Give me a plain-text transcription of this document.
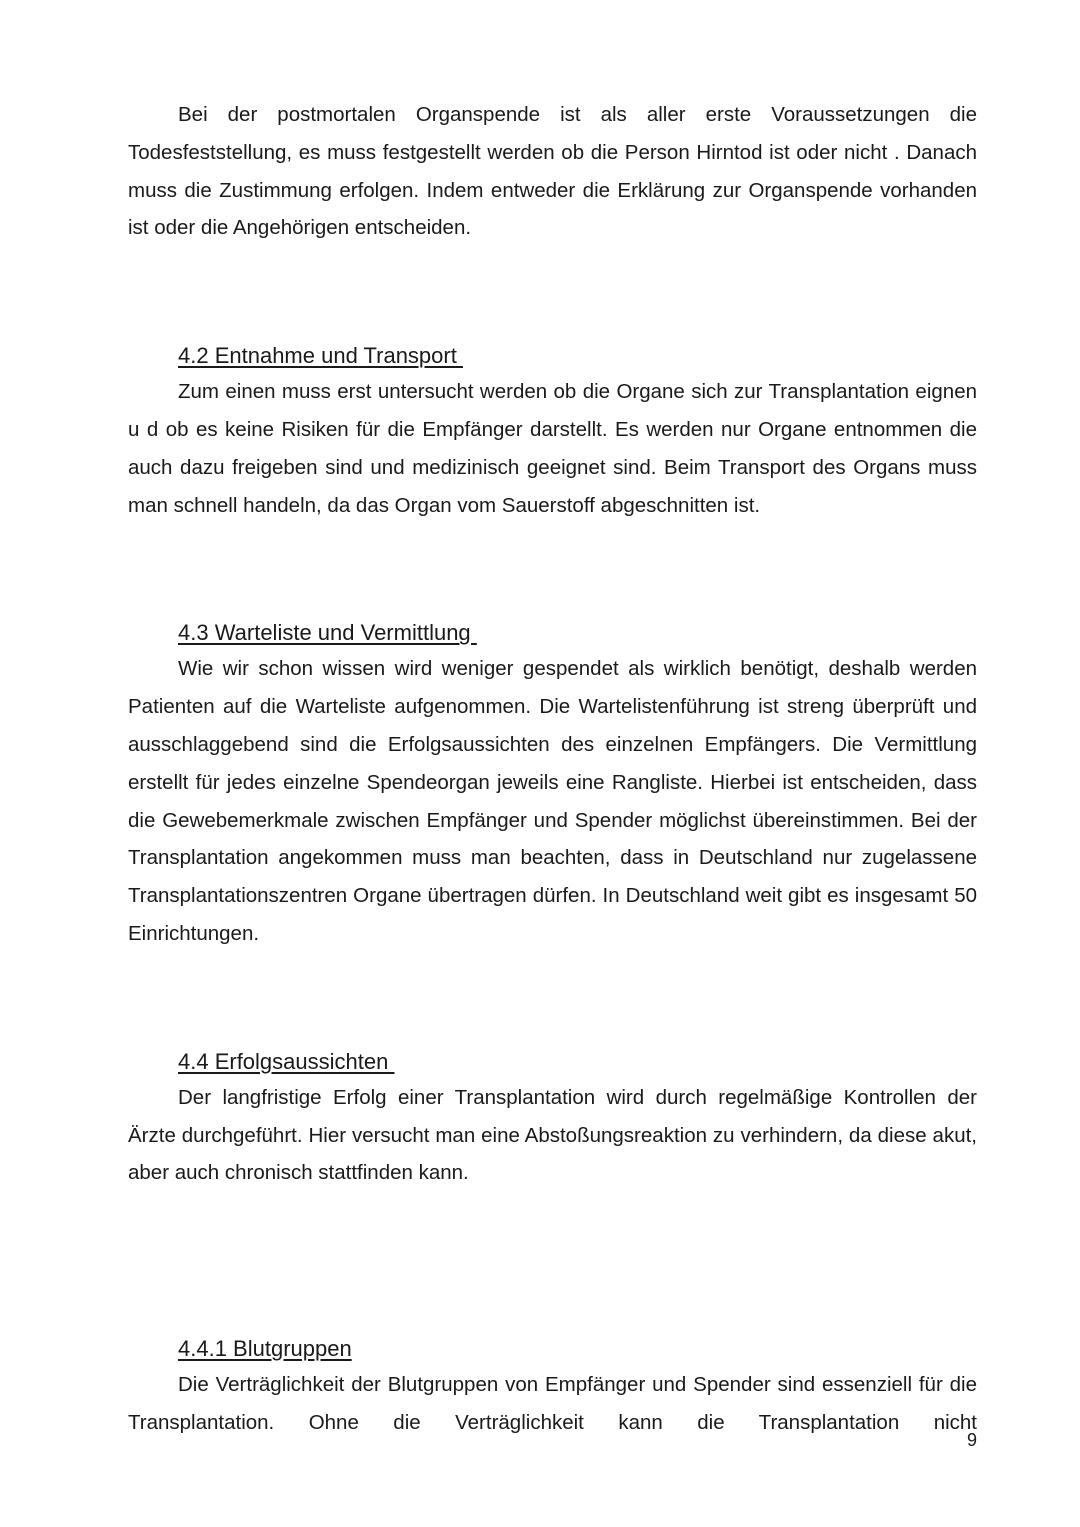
Bei der postmortalen Organspende ist als aller erste Voraussetzungen die Todesfeststellung, es muss festgestellt werden ob die Person Hirntod ist oder nicht . Danach muss die Zustimmung erfolgen. Indem entweder die Erklärung zur Organspende vorhanden ist oder die Angehörigen entscheiden.

4.2 Entnahme und Transport

Zum einen muss erst untersucht werden ob die Organe sich zur Transplantation eignen u d ob es keine Risiken für die Empfänger darstellt. Es werden nur Organe entnommen die auch dazu freigeben sind und medizinisch geeignet sind. Beim Transport des Organs muss man schnell handeln, da das Organ vom Sauerstoff abgeschnitten ist.

4.3 Warteliste und Vermittlung

Wie wir schon wissen wird weniger gespendet als wirklich benötigt, deshalb werden Patienten auf die Warteliste aufgenommen. Die Wartelistenführung ist streng überprüft und ausschlaggebend sind die Erfolgsaussichten des einzelnen Empfängers. Die Vermittlung erstellt für jedes einzelne Spendeorgan jeweils eine Rangliste. Hierbei ist entscheiden, dass die Gewebemerkmale zwischen Empfänger und Spender möglichst übereinstimmen. Bei der Transplantation angekommen muss man beachten, dass in Deutschland nur zugelassene Transplantationszentren Organe übertragen dürfen. In Deutschland weit gibt es insgesamt 50 Einrichtungen.

4.4 Erfolgsaussichten

Der langfristige Erfolg einer Transplantation wird durch regelmäßige Kontrollen der Ärzte durchgeführt. Hier versucht man eine Abstoßungsreaktion zu verhindern, da diese akut, aber auch chronisch stattfinden kann.

4.4.1 Blutgruppen

Die Verträglichkeit der Blutgruppen von Empfänger und Spender sind essenziell für die Transplantation. Ohne die Verträglichkeit kann die Transplantation nicht

9
